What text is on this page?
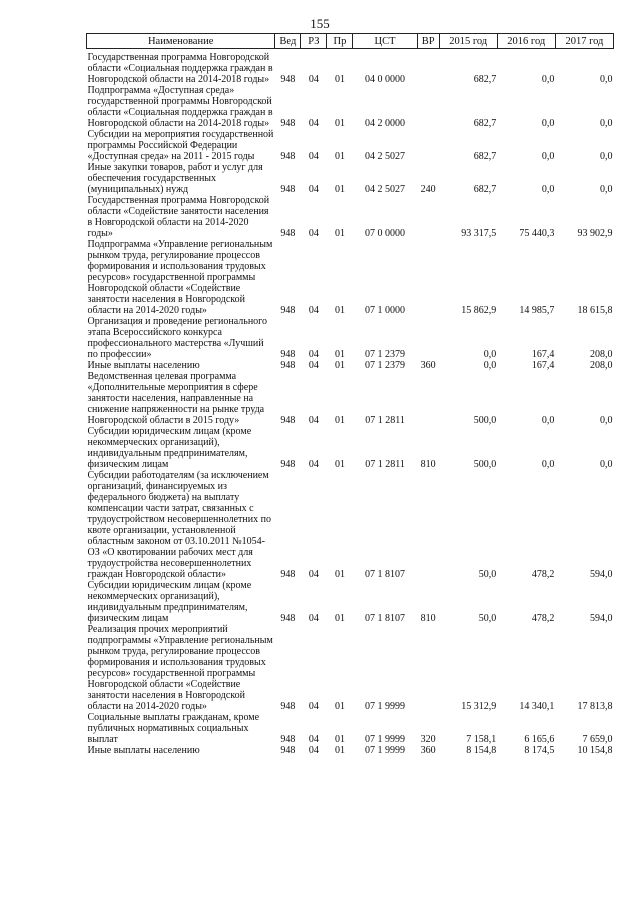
155
Наименование	Вед	РЗ	Пр	ЦСТ	ВР	2015 год	2016 год	2017 год
Государственная программа Новгородской области «Социальная поддержка граждан в Новгородской области на 2014-2018 годы»	948	04	01	04 0 0000		682,7	0,0	0,0
Подпрограмма «Доступная среда» государственной программы Новгородской области «Социальная поддержка граждан в Новгородской области на 2014-2018 годы»	948	04	01	04 2 0000		682,7	0,0	0,0
Субсидии на мероприятия государственной программы Российской Федерации «Доступная среда» на 2011 - 2015 годы	948	04	01	04 2 5027		682,7	0,0	0,0
Иные закупки товаров, работ и услуг для обеспечения государственных (муниципальных) нужд	948	04	01	04 2 5027	240	682,7	0,0	0,0
Государственная программа Новгородской области «Содействие занятости населения в Новгородской области на 2014-2020 годы»	948	04	01	07 0 0000		93 317,5	75 440,3	93 902,9
Подпрограмма «Управление региональным рынком труда, регулирование процессов формирования и использования трудовых ресурсов» государственной программы Новгородской области «Содействие занятости населения в Новгородской области на 2014-2020 годы»	948	04	01	07 1 0000		15 862,9	14 985,7	18 615,8
Организация и проведение регионального этапа Всероссийского конкурса профессионального мастерства «Лучший по профессии»	948	04	01	07 1 2379		0,0	167,4	208,0
Иные выплаты населению	948	04	01	07 1 2379	360	0,0	167,4	208,0
Ведомственная целевая программа «Дополнительные мероприятия в сфере занятости населения, направленные на снижение напряженности на рынке труда Новгородской области в 2015 году»	948	04	01	07 1 2811		500,0	0,0	0,0
Субсидии юридическим лицам (кроме некоммерческих организаций), индивидуальным предпринимателям, физическим лицам	948	04	01	07 1 2811	810	500,0	0,0	0,0
Субсидии работодателям (за исключением организаций, финансируемых из федерального бюджета) на выплату компенсации части затрат, связанных с трудоустройством несовершеннолетних по квоте организации, установленной областным законом от 03.10.2011 №1054-ОЗ «О квотировании рабочих мест для трудоустройства несовершеннолетних граждан Новгородской области»	948	04	01	07 1 8107		50,0	478,2	594,0
Субсидии юридическим лицам (кроме некоммерческих организаций), индивидуальным предпринимателям, физическим лицам	948	04	01	07 1 8107	810	50,0	478,2	594,0
Реализация прочих мероприятий подпрограммы «Управление региональным рынком труда, регулирование процессов формирования и использования трудовых ресурсов» государственной программы Новгородской области «Содействие занятости населения в Новгородской области на 2014-2020 годы»	948	04	01	07 1 9999		15 312,9	14 340,1	17 813,8
Социальные выплаты гражданам, кроме публичных нормативных социальных выплат	948	04	01	07 1 9999	320	7 158,1	6 165,6	7 659,0
Иные выплаты населению	948	04	01	07 1 9999	360	8 154,8	8 174,5	10 154,8
